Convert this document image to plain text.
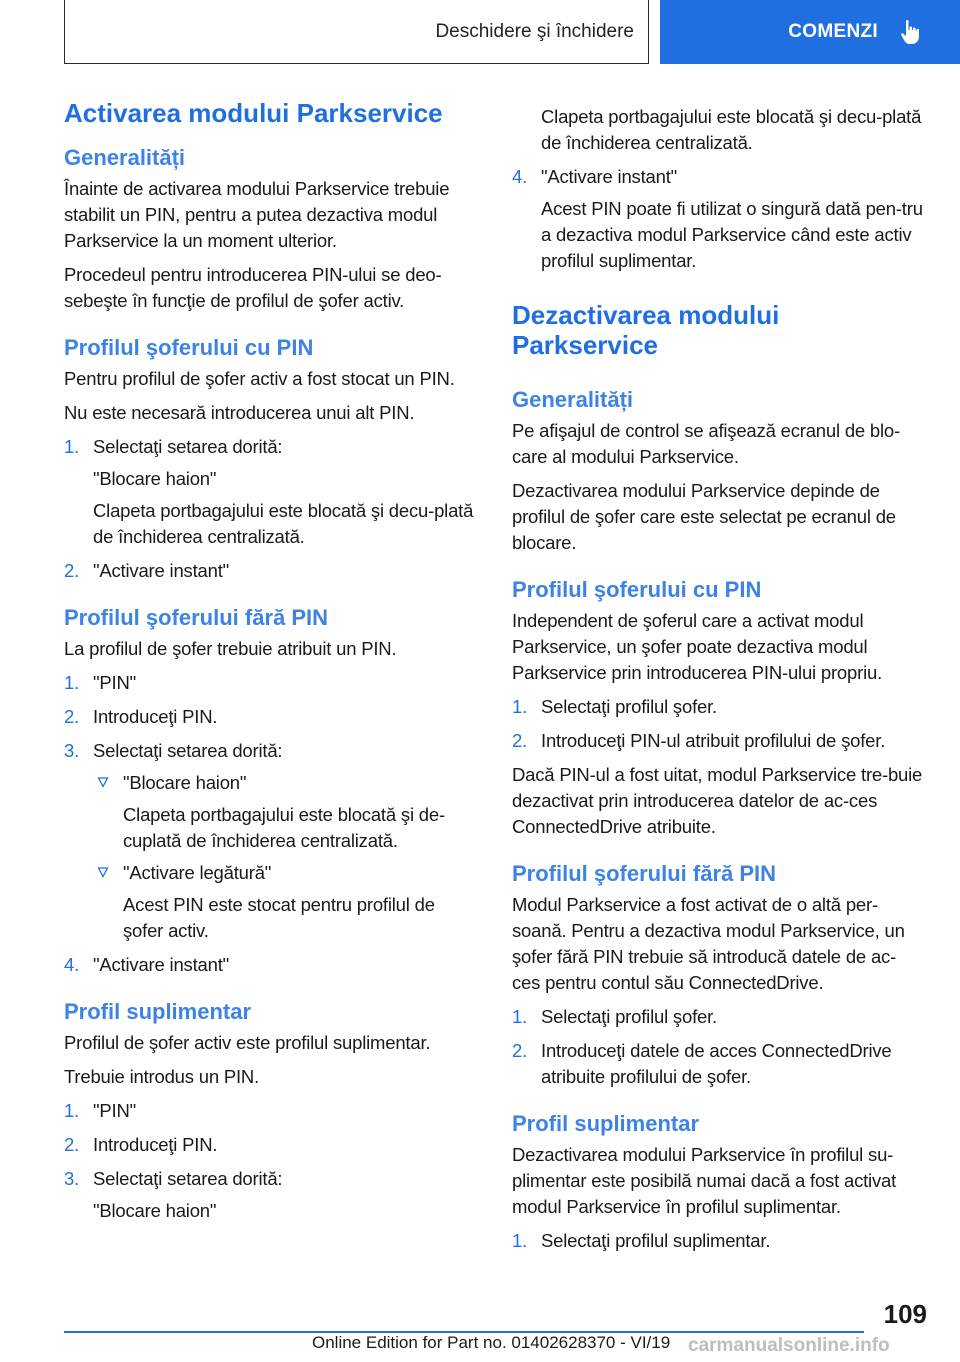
Deschidere şi închidere	COMENZI
Activarea modului Parkservice
Generalități

Înainte de activarea modului Parkservice trebuie stabilit un PIN, pentru a putea dezactiva modul Parkservice la un moment ulterior.

Procedeul pentru introducerea PIN-ului se deo‐sebeşte în funcţie de profilul de şofer activ.

Profilul şoferului cu PIN

Pentru profilul de şofer activ a fost stocat un PIN.

Nu este necesară introducerea unui alt PIN.

1. Selectaţi setarea dorită:
"Blocare haion"
Clapeta portbagajului este blocată şi decu‐plată de închiderea centralizată.
2. "Activare instant"
Profilul şoferului fără PIN

La profilul de şofer trebuie atribuit un PIN.

1. "PIN"
2. Introduceţi PIN.
3. Selectaţi setarea dorită:
"Blocare haion"
Clapeta portbagajului este blocată şi de‐cuplată de închiderea centralizată.
"Activare legătură"
Acest PIN este stocat pentru profilul de şofer activ.
4. "Activare instant"
Profil suplimentar

Profilul de şofer activ este profilul suplimentar.

Trebuie introdus un PIN.

1. "PIN"
2. Introduceţi PIN.
3. Selectaţi setarea dorită:
"Blocare haion"
Clapeta portbagajului este blocată şi decu‐plată de închiderea centralizată.
4. "Activare instant"
Acest PIN poate fi utilizat o singură dată pen‐tru a dezactiva modul Parkservice când este activ profilul suplimentar.
Dezactivarea modului Parkservice
Generalități

Pe afişajul de control se afişează ecranul de blo‐care al modului Parkservice.

Dezactivarea modului Parkservice depinde de profilul de şofer care este selectat pe ecranul de blocare.

Profilul şoferului cu PIN

Independent de şoferul care a activat modul Parkservice, un şofer poate dezactiva modul Parkservice prin introducerea PIN-ului propriu.

1. Selectaţi profilul şofer.
2. Introduceţi PIN-ul atribuit profilului de şofer.

Dacă PIN-ul a fost uitat, modul Parkservice tre‐buie dezactivat prin introducerea datelor de ac‐ces ConnectedDrive atribuite.

Profilul şoferului fără PIN

Modul Parkservice a fost activat de o altă per‐soană. Pentru a dezactiva modul Parkservice, un şofer fără PIN trebuie să introducă datele de ac‐ces pentru contul său ConnectedDrive.

1. Selectaţi profilul şofer.
2. Introduceţi datele de acces ConnectedDrive atribuite profilului de şofer.
Profil suplimentar

Dezactivarea modului Parkservice în profilul su‐plimentar este posibilă numai dacă a fost activat modul Parkservice în profilul suplimentar.

1. Selectaţi profilul suplimentar.
109
Online Edition for Part no. 01402628370 - VI/19 carmanualsonline.info
